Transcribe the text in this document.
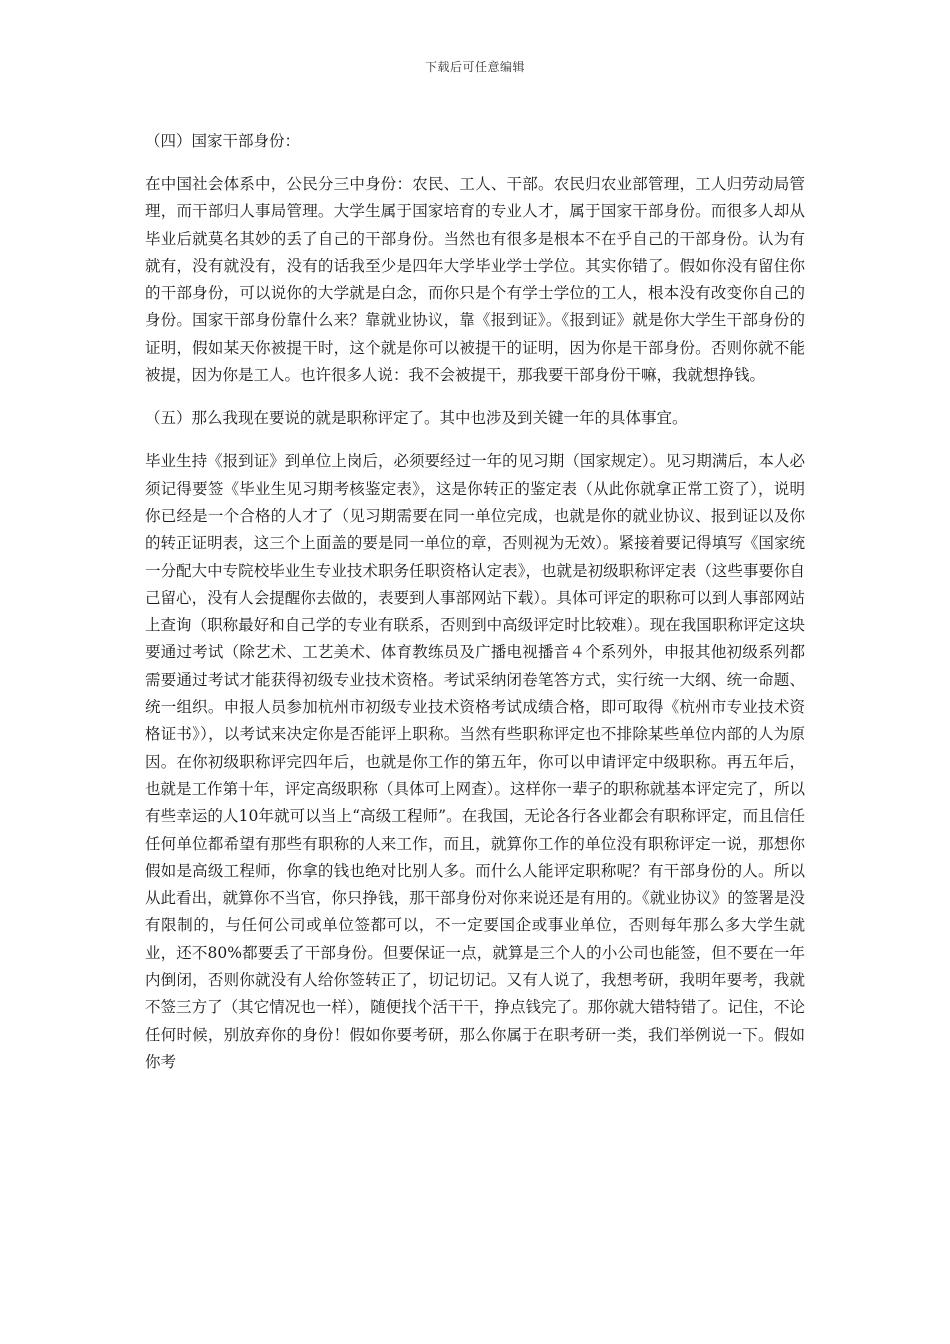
下载后可任意编辑

（四）国家干部身份：

在中国社会体系中，公民分三中身份：农民、工人、干部。农民归农业部管理，工人归劳动局管理，而干部归人事局管理。大学生属于国家培育的专业人才，属于国家干部身份。而很多人却从毕业后就莫名其妙的丢了自己的干部身份。当然也有很多是根本不在乎自己的干部身份。认为有就有，没有就没有，没有的话我至少是四年大学毕业学士学位。其实你错了。假如你没有留住你的干部身份，可以说你的大学就是白念，而你只是个有学士学位的工人，根本没有改变你自己的身份。国家干部身份靠什么来？靠就业协议，靠《报到证》。《报到证》就是你大学生干部身份的证明，假如某天你被提干时，这个就是你可以被提干的证明，因为你是干部身份。否则你就不能被提，因为你是工人。也许很多人说：我不会被提干，那我要干部身份干嘛，我就想挣钱。

（五）那么我现在要说的就是职称评定了。其中也涉及到关键一年的具体事宜。

毕业生持《报到证》到单位上岗后，必须要经过一年的见习期（国家规定）。见习期满后，本人必须记得要签《毕业生见习期考核鉴定表》，这是你转正的鉴定表（从此你就拿正常工资了），说明你已经是一个合格的人才了（见习期需要在同一单位完成，也就是你的就业协议、报到证以及你的转正证明表，这三个上面盖的要是同一单位的章，否则视为无效）。紧接着要记得填写《国家统一分配大中专院校毕业生专业技术职务任职资格认定表》，也就是初级职称评定表（这些事要你自己留心，没有人会提醒你去做的，表要到人事部网站下载）。具体可评定的职称可以到人事部网站上查询（职称最好和自己学的专业有联系，否则到中高级评定时比较难）。现在我国职称评定这块要通过考试（除艺术、工艺美术、体育教练员及广播电视播音４个系列外，申报其他初级系列都需要通过考试才能获得初级专业技术资格。考试采纳闭卷笔答方式，实行统一大纲、统一命题、统一组织。申报人员参加杭州市初级专业技术资格考试成绩合格，即可取得《杭州市专业技术资格证书》），以考试来决定你是否能评上职称。当然有些职称评定也不排除某些单位内部的人为原因。在你初级职称评完四年后，也就是你工作的第五年，你可以申请评定中级职称。再五年后，也就是工作第十年，评定高级职称（具体可上网查）。这样你一辈子的职称就基本评定完了，所以有些幸运的人10年就可以当上“高级工程师”。在我国，无论各行各业都会有职称评定，而且信任任何单位都希望有那些有职称的人来工作，而且，就算你工作的单位没有职称评定一说，那想你假如是高级工程师，你拿的钱也绝对比别人多。而什么人能评定职称呢？有干部身份的人。所以从此看出，就算你不当官，你只挣钱，那干部身份对你来说还是有用的。《就业协议》的签署是没有限制的，与任何公司或单位签都可以，不一定要国企或事业单位，否则每年那么多大学生就业，还不80%都要丢了干部身份。但要保证一点，就算是三个人的小公司也能签，但不要在一年内倒闭，否则你就没有人给你签转正了，切记切记。又有人说了，我想考研，我明年要考，我就不签三方了（其它情况也一样），随便找个活干干，挣点钱完了。那你就大错特错了。记住，不论任何时候，别放弃你的身份！假如你要考研，那么你属于在职考研一类，我们举例说一下。假如你考
